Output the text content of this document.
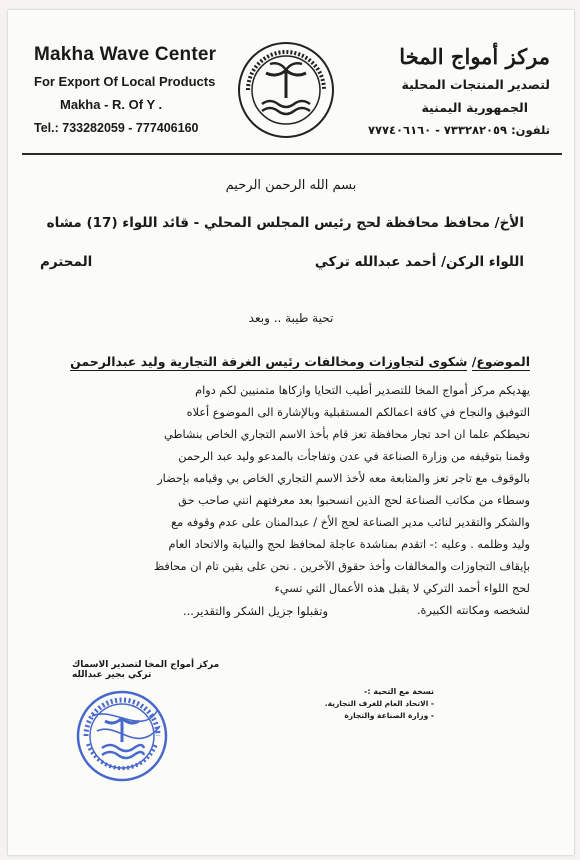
Makha Wave Center
For Export Of Local Products
Makha - R. Of Y .
Tel.: 733282059 - 777406160
مركز أمواج المخا
لتصدير المنتجات المحلية
الجمهورية اليمنية
تلفون: ٧٣٣٢٨٢٠٥٩ - ٧٧٧٤٠٦١٦٠
بسم الله الرحمن الرحيم
الأخ/ محافظ محافظة لحج رئيس المجلس المحلي - قائد اللواء (17) مشاه
اللواء الركن/ أحمد عبدالله تركي
المحترم
تحية طيبة .. وبعد
الموضوع/ شكوى لتجاوزات ومخالفات رئيس الغرفة التجارية وليد عبدالرحمن
يهديكم مركز أمواج المخا للتصدير أطيب التحايا وازكاها متمنيين لكم دوام
التوفيق والنجاح في كافة اعمالكم المستقبلية وبالإشارة الى الموضوع أعلاه
نحيطكم علما ان احد تجار محافظة تعز قام بأخذ الاسم التجاري الخاص بنشاطي
وقمنا بتوقيفه من وزارة الصناعة في عدن وتفاجأت بالمدعو وليد عبد الرحمن
بالوقوف مع تاجر تعز والمتابعة معه لأخذ الاسم التجاري الخاص بي وقيامه بإحضار
وسطاء من مكاتب الصناعة لحج الذين انسحبوا بعد معرفتهم انني صاحب حق
والشكر والتقدير لنائب مدير الصناعة لحج الأخ / عبدالمنان على عدم وقوفه مع
وليد وظلمه . وعليه :- اتقدم بمناشدة عاجلة لمحافظ لحج والنيابة والاتحاد العام
بإيقاف التجاوزات والمخالفات وأخذ حقوق الآخرين . نحن على يقين تام ان محافظ
لحج اللواء أحمد التركي لا يقبل هذه الأعمال التي تسيء
لشخصه ومكانته الكبيرة.
وتقبلوا جزيل الشكر والتقدير...
مركز أمواج المخا لتصدير الاسماك
تركي بجير عبدالله
نسخة مع التحية :-
- الاتحاد العام للغرف التجارية.
- وزارة الصناعة والتجارة
